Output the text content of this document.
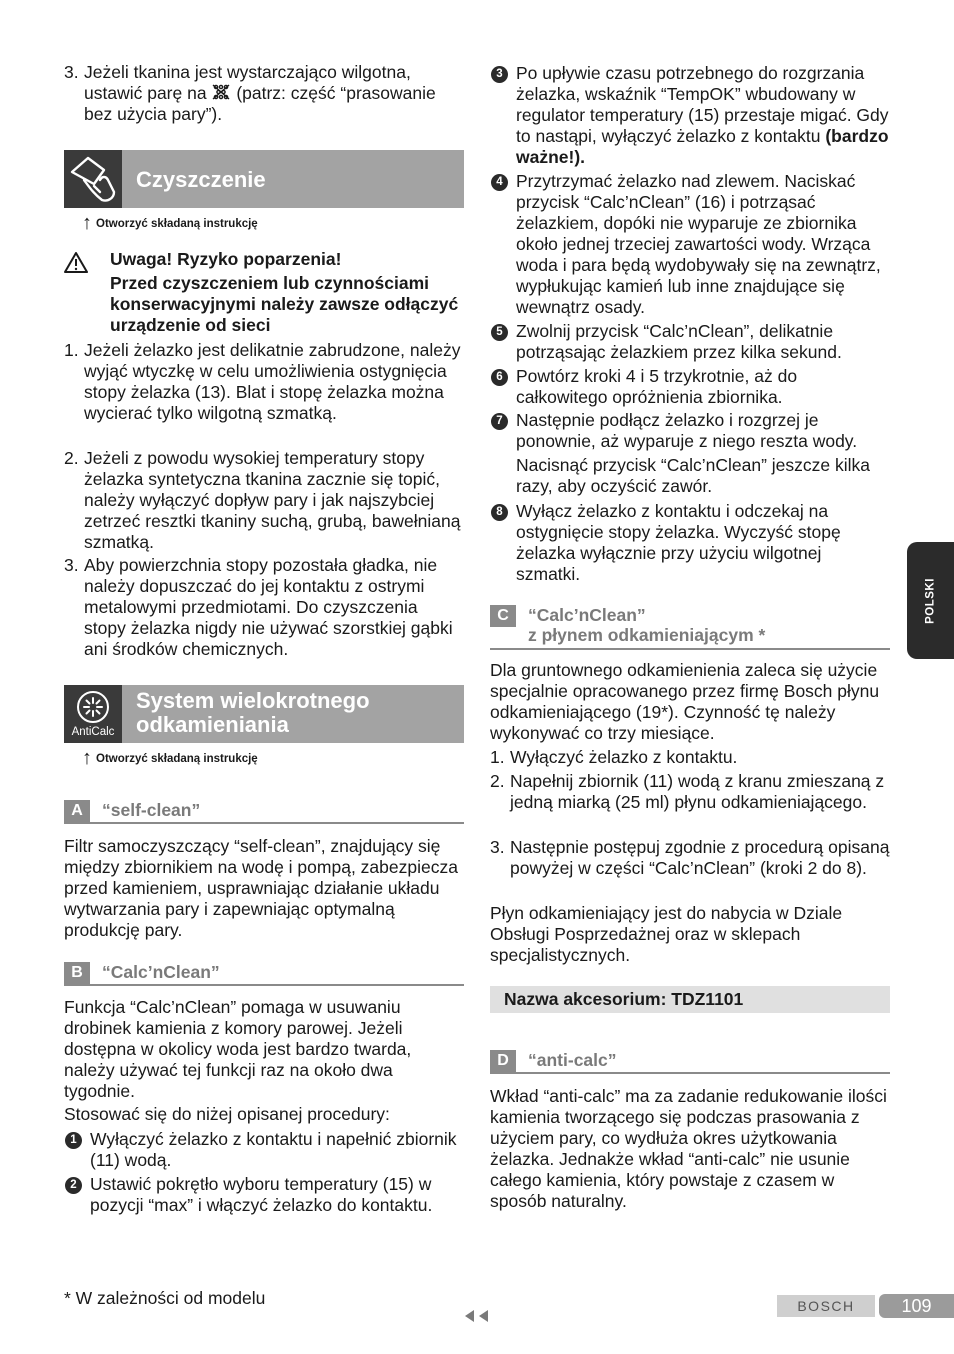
3. Jeżeli tkanina jest wystarczająco wilgotna, ustawić parę na (patrz: część “prasowanie bez użycia pary”).
Czyszczenie
↑ Otworzyć składaną instrukcję

Uwaga! Ryzyko poparzenia!

Przed czyszczeniem lub czynnościami konserwacyjnymi należy zawsze odłączyć urządzenie od sieci

1. Jeżeli żelazko jest delikatnie zabrudzone, należy wyjąć wtyczkę w celu umożliwienia ostygnięcia stopy żelazka (13). Blat i stopę żelazka można wycierać tylko wilgotną szmatką.
2. Jeżeli z powodu wysokiej temperatury stopy żelazka syntetyczna tkanina zacznie się topić, należy wyłączyć dopływ pary i jak najszybciej zetrzeć resztki tkaniny suchą, grubą, bawełnianą szmatką.
3. Aby powierzchnia stopy pozostała gładka, nie należy dopuszczać do jej kontaktu z ostrymi metalowymi przedmiotami. Do czyszczenia stopy żelazka nigdy nie używać szorstkiej gąbki ani środków chemicznych.
AntiCalc
System wielokrotnego
odkamieniania
↑ Otworzyć składaną instrukcję
A	“self-clean”

Filtr samoczyszczący “self-clean”, znajdujący się między zbiornikiem na wodę i pompą, zabezpiecza przed kamieniem, usprawniając działanie układu wytwarzania pary i zapewniając optymalną produkcję pary.

B	“Calc’nClean”

Funkcja “Calc’nClean” pomaga w usuwaniu drobinek kamienia z komory parowej. Jeżeli dostępna w okolicy woda jest bardzo twarda, należy używać tej funkcji raz na około dwa tygodnie.

Stosować się do niżej opisanej procedury:

1 Wyłączyć żelazko z kontaktu i napełnić zbiornik (11) wodą.
2 Ustawić pokrętło wyboru temperatury (15) w pozycji “max” i włączyć żelazko do kontaktu.
3 Po upływie czasu potrzebnego do rozgrzania żelazka, wskaźnik “TempOK” wbudowany w regulator temperatury (15) przestaje migać. Gdy to nastąpi, wyłączyć żelazko z kontaktu (bardzo ważne!).
4 Przytrzymać żelazko nad zlewem. Naciskać przycisk “Calc’nClean” (16) i potrząsać żelazkiem, dopóki nie wyparuje ze zbiornika około jednej trzeciej zawartości wody. Wrząca woda i para będą wydobywały się na zewnątrz, wypłukując kamień lub inne znajdujące się wewnątrz osady.
5 Zwolnij przycisk “Calc’nClean”, delikatnie potrząsając żelazkiem przez kilka sekund.
6 Powtórz kroki 4 i 5 trzykrotnie, aż do całkowitego opróżnienia zbiornika.
7 Następnie podłącz żelazko i rozgrzej je ponownie, aż wyparuje z niego reszta wody.

Nacisnąć przycisk “Calc’nClean” jeszcze kilka razy, aby oczyścić zawór.

8 Wyłącz żelazko z kontaktu i odczekaj na ostygnięcie stopy żelazka. Wyczyść stopę żelazka wyłącznie przy użyciu wilgotnej szmatki.
C	“Calc’nClean”
z płynem odkamieniającym *

Dla gruntownego odkamienienia zaleca się użycie specjalnie opracowanego przez firmę Bosch płynu odkamieniającego (19*). Czynność tę należy wykonywać co trzy miesiące.

1. Wyłączyć żelazko z kontaktu.
2. Napełnij zbiornik (11) wodą z kranu zmieszaną z jedną miarką (25 ml) płynu odkamieniającego.
3. Następnie postępuj zgodnie z procedurą opisaną powyżej w części “Calc’nClean” (kroki 2 do 8).

Płyn odkamieniający jest do nabycia w Dziale Obsługi Posprzedażnej oraz w sklepach specjalistycznych.

Nazwa akcesorium: TDZ1101
D	“anti-calc”

Wkład “anti-calc” ma za zadanie redukowanie ilości kamienia tworzącego się podczas prasowania z użyciem pary, co wydłuża okres użytkowania żelazka. Jednakże wkład “anti-calc” nie usunie całego kamienia, który powstaje z czasem w sposób naturalny.

POLSKI
* W zależności od modelu	BOSCH	109
